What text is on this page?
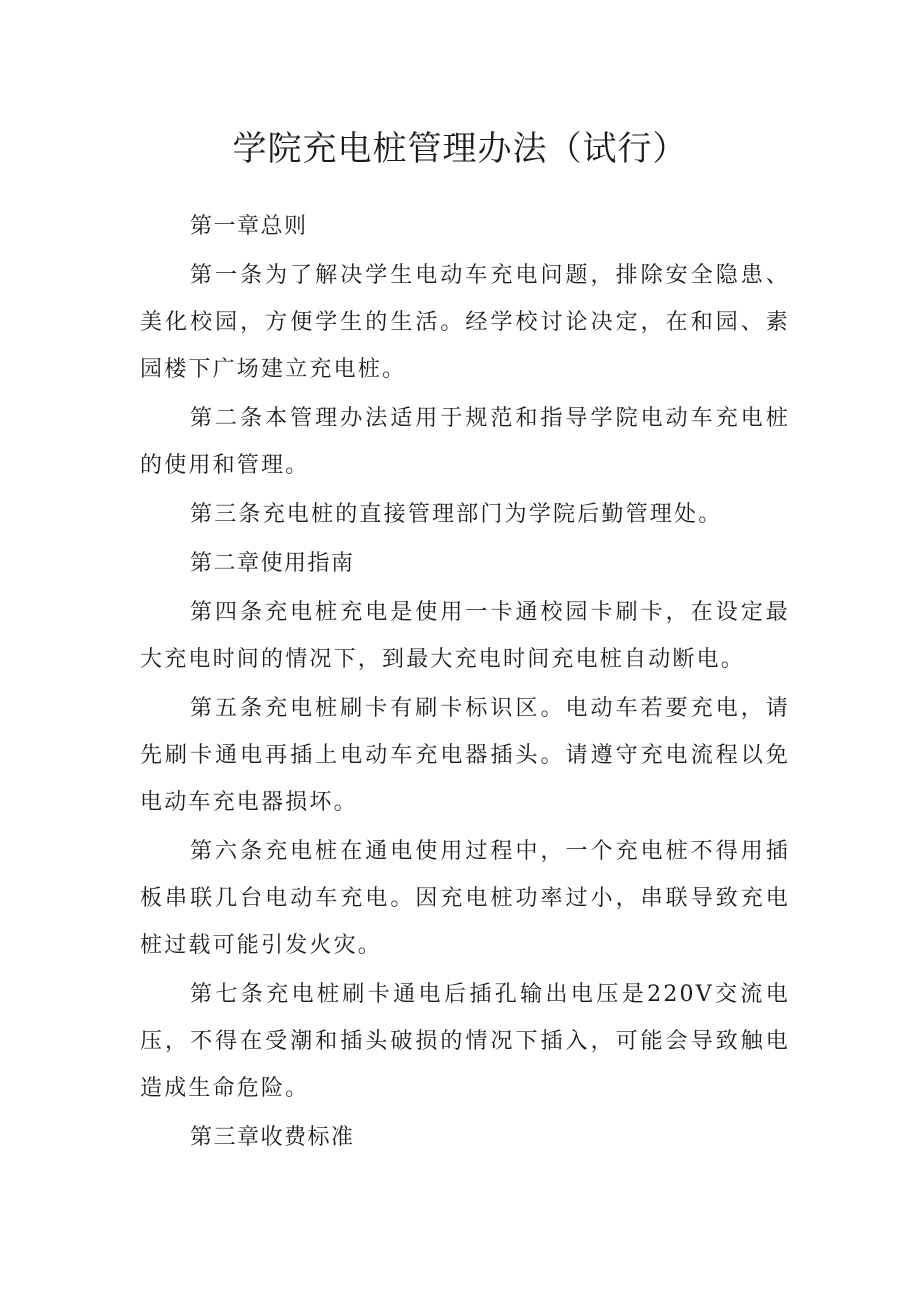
学院充电桩管理办法（试行）

第一章总则

第一条为了解决学生电动车充电问题，排除安全隐患、美化校园，方便学生的生活。经学校讨论决定，在和园、素园楼下广场建立充电桩。

第二条本管理办法适用于规范和指导学院电动车充电桩的使用和管理。

第三条充电桩的直接管理部门为学院后勤管理处。

第二章使用指南

第四条充电桩充电是使用一卡通校园卡刷卡，在设定最大充电时间的情况下，到最大充电时间充电桩自动断电。

第五条充电桩刷卡有刷卡标识区。电动车若要充电，请先刷卡通电再插上电动车充电器插头。请遵守充电流程以免电动车充电器损坏。

第六条充电桩在通电使用过程中，一个充电桩不得用插板串联几台电动车充电。因充电桩功率过小，串联导致充电桩过载可能引发火灾。

第七条充电桩刷卡通电后插孔输出电压是220V交流电压，不得在受潮和插头破损的情况下插入，可能会导致触电造成生命危险。

第三章收费标准
